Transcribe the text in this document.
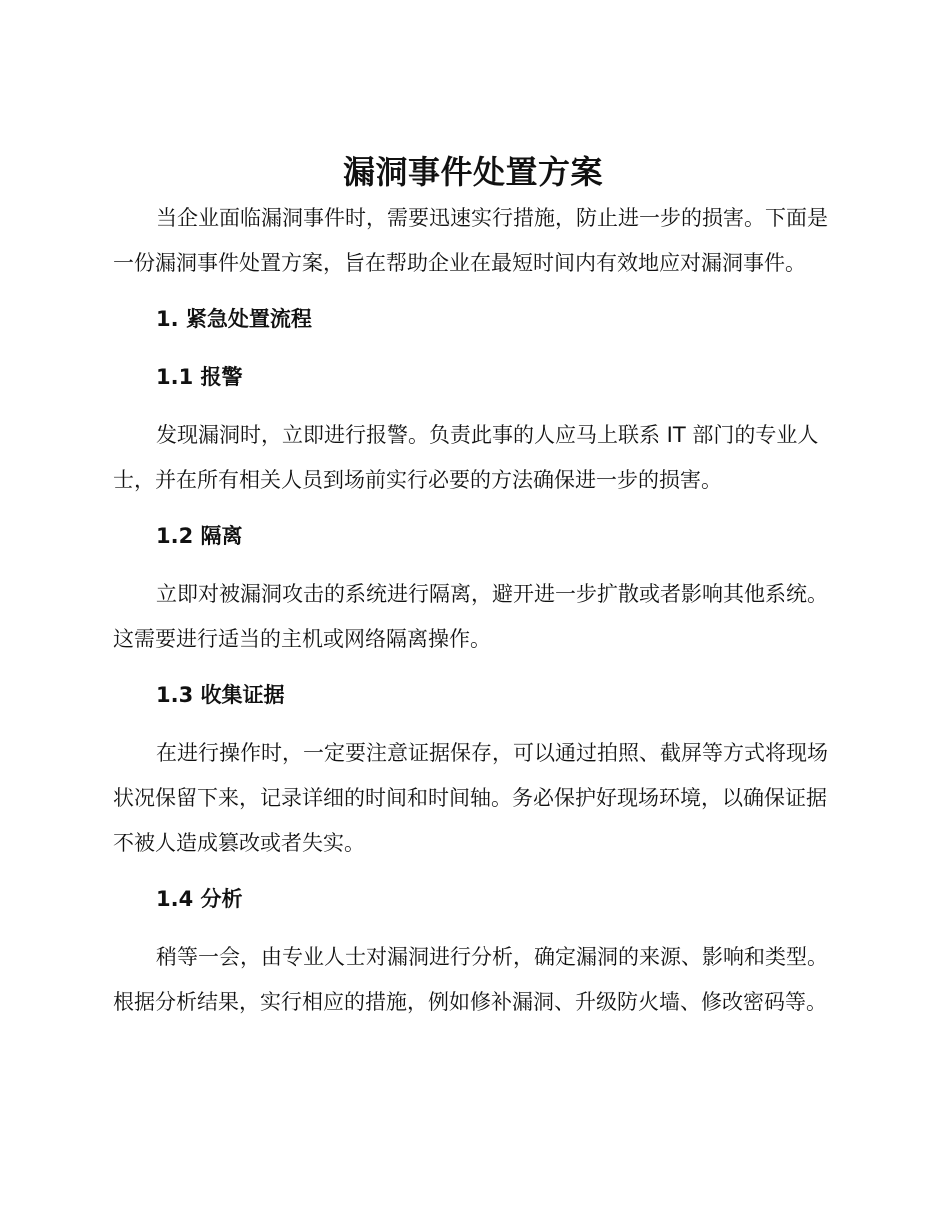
漏洞事件处置方案

当企业面临漏洞事件时，需要迅速实行措施，防止进一步的损害。下面是一份漏洞事件处置方案，旨在帮助企业在最短时间内有效地应对漏洞事件。

1. 紧急处置流程

1.1 报警

发现漏洞时，立即进行报警。负责此事的人应马上联系 IT 部门的专业人士，并在所有相关人员到场前实行必要的方法确保进一步的损害。

1.2 隔离

立即对被漏洞攻击的系统进行隔离，避开进一步扩散或者影响其他系统。这需要进行适当的主机或网络隔离操作。

1.3 收集证据

在进行操作时，一定要注意证据保存，可以通过拍照、截屏等方式将现场状况保留下来，记录详细的时间和时间轴。务必保护好现场环境，以确保证据不被人造成篡改或者失实。

1.4 分析

稍等一会，由专业人士对漏洞进行分析，确定漏洞的来源、影响和类型。根据分析结果，实行相应的措施，例如修补漏洞、升级防火墙、修改密码等。
